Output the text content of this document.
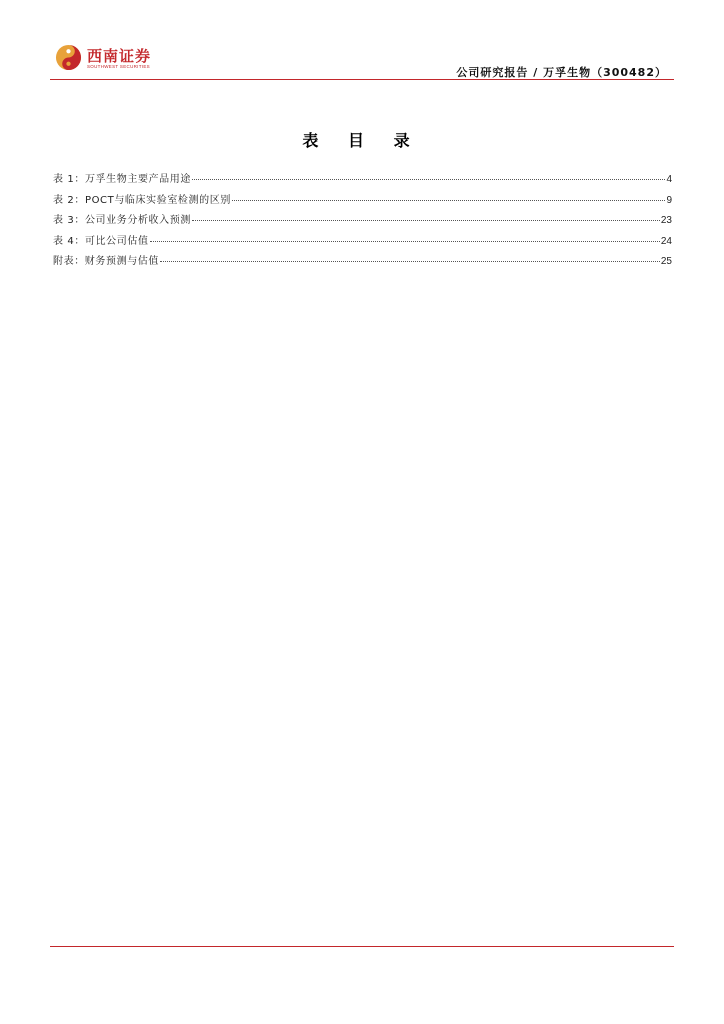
西南证券
SOUTHWEST SECURITIES	公司研究报告 / 万孚生物（300482）
表 目 录
表 1：万孚生物主要产品用途	4
表 2：POCT与临床实验室检测的区别	9
表 3：公司业务分析收入预测	23
表 4：可比公司估值	24
附表：财务预测与估值	25
